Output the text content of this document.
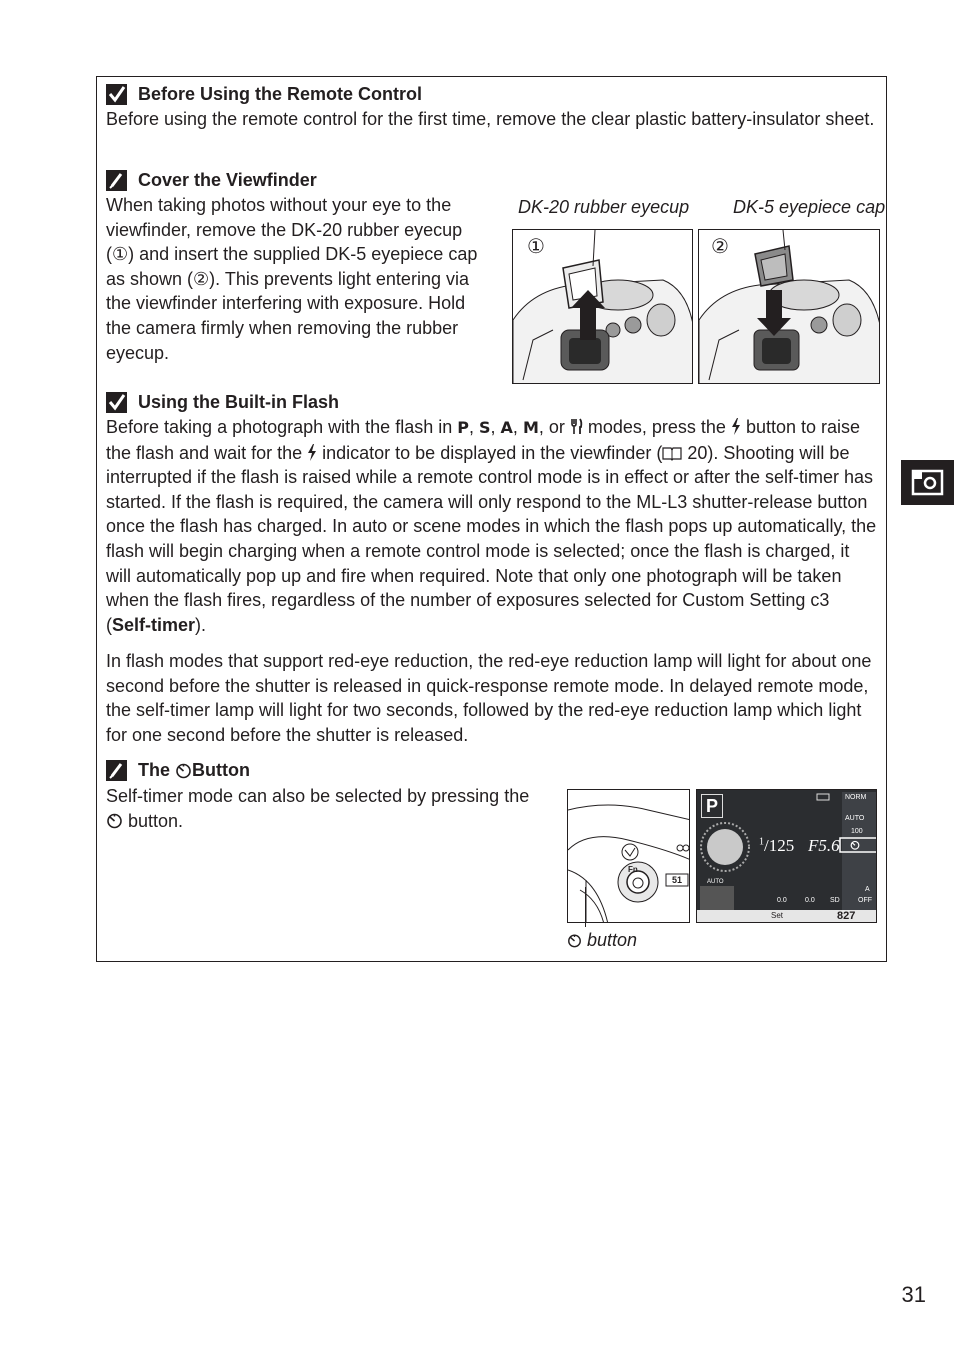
Before Using the Remote Control

Before using the remote control for the first time, remove the clear plastic battery-insulator sheet.

Cover the Viewfinder
When taking photos without your eye to the
viewfinder, remove the DK-20 rubber eyecup
(①) and insert the supplied DK-5 eyepiece cap
as shown (②). This prevents light entering via
the viewfinder interfering with exposure. Hold
the camera firmly when removing the rubber
eyecup.
DK-20 rubber eyecup DK-5 eyepiece cap
①	②
Using the Built-in Flash

Before taking a photograph with the flash in P, S, A, M, or  modes, press the  button to raise the flash and wait for the  indicator to be displayed in the viewfinder ( 20). Shooting will be interrupted if the flash is raised while a remote control mode is in effect or after the self-timer has started. If the flash is required, the camera will only respond to the ML-L3 shutter-release button once the flash has charged. In auto or scene modes in which the flash pops up automatically, the flash will begin charging when a remote control mode is selected; once the flash is charged, it will automatically pop up and fire when required. Note that only one photograph will be taken when the flash fires, regardless of the number of exposures selected for Custom Setting c3 (Self-timer).

In flash modes that support red-eye reduction, the red-eye reduction lamp will light for about one second before the shutter is released in quick-response remote mode. In delayed remote mode, the self-timer lamp will light for two seconds, followed by the red-eye reduction lamp which light for one second before the shutter is released.

The
Button
Self-timer mode can also be selected by pressing the
button.
Fn
51
P
$^1$/125 F5.6
AUTO
NORM
AUTO
100
A
OFF
0.0	0.0 SD
Set	827
button
31
